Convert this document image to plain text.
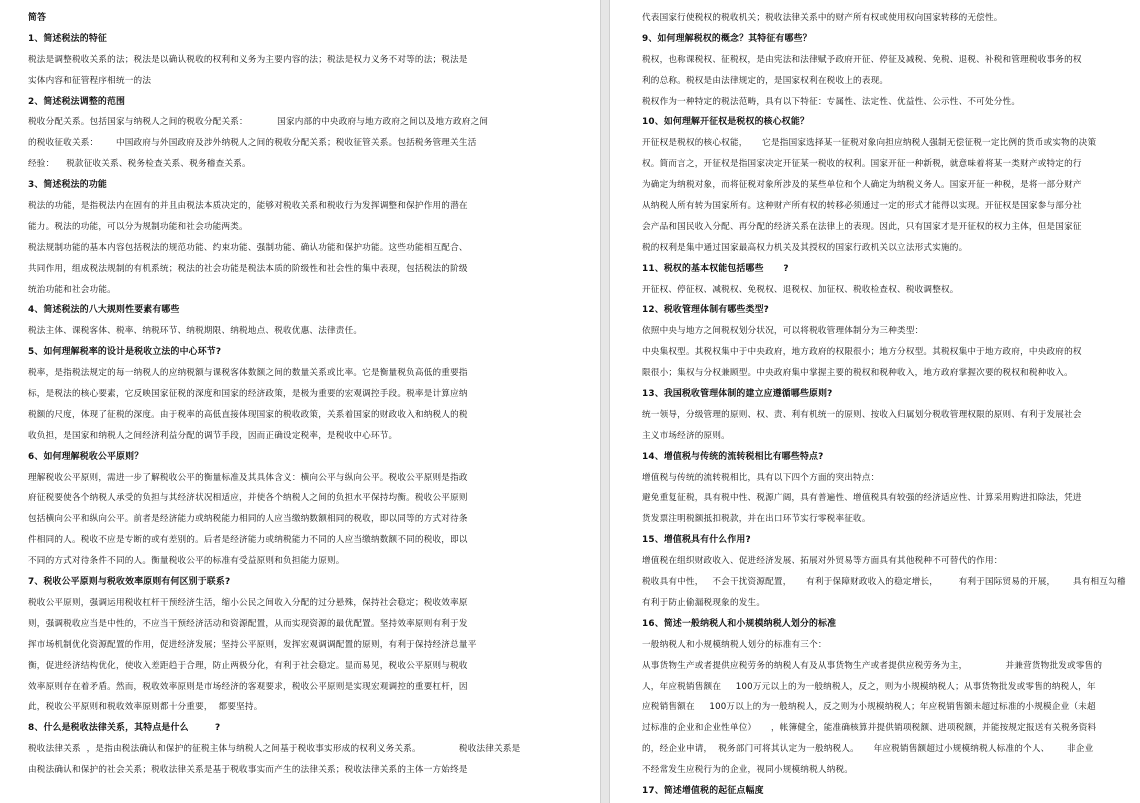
简答
1、简述税法的特征
税法是调整税收关系的法；税法是以确认税收的权利和义务为主要内容的法；税法是权力义务不对等的法；税法是
实体内容和征管程序相统一的法
2、简述税法调整的范围
税收分配关系。包括国家与纳税人之间的税收分配关系：          国家内部的中央政府与地方政府之间以及地方政府之间
的税收征收关系：      中国政府与外国政府及涉外纳税人之间的税收分配关系；税收征管关系。包括税务管理关生活
经验：    税款征收关系、税务检查关系、税务稽查关系。
3、简述税法的功能
税法的功能，是指税法内在固有的并且由税法本质决定的，能够对税收关系和税收行为发挥调整和保护作用的潜在
能力。税法的功能，可以分为规制功能和社会功能两类。
税法规制功能的基本内容包括税法的规范功能、约束功能、强制功能、确认功能和保护功能。这些功能相互配合、
共同作用，组成税法规制的有机系统；税法的社会功能是税法本质的阶级性和社会性的集中表现，包括税法的阶级
统治功能和社会功能。
4、简述税法的八大规则性要素有哪些
税法主体、课税客体、税率、纳税环节、纳税期限、纳税地点、税收优惠、法律责任。
5、如何理解税率的设计是税收立法的中心环节?
税率，是指税法规定的每一纳税人的应纳税额与课税客体数额之间的数量关系或比率。它是衡量税负高低的重要指
标，是税法的核心要素，它反映国家征税的深度和国家的经济政策，是极为重要的宏观调控手段。税率是计算应纳
税额的尺度，体现了征税的深度。由于税率的高低直接体现国家的税收政策，关系着国家的财政收入和纳税人的税
收负担，是国家和纳税人之间经济利益分配的调节手段，因而正确设定税率，是税收中心环节。
6、如何理解税收公平原则？
理解税收公平原则，需进一步了解税收公平的衡量标准及其具体含义：横向公平与纵向公平。税收公平原则是指政
府征税要使各个纳税人承受的负担与其经济状况相适应，并使各个纳税人之间的负担水平保持均衡。税收公平原则
包括横向公平和纵向公平。前者是经济能力或纳税能力相同的人应当缴纳数额相同的税收，即以同等的方式对待条
件相同的人。税收不应是专断的或有差别的。后者是经济能力或纳税能力不同的人应当缴纳数额不同的税收，即以
不同的方式对待条件不同的人。衡量税收公平的标准有受益原则和负担能力原则。
7、税收公平原则与税收效率原则有何区别于联系?
税收公平原则，强调运用税收杠杆干预经济生活，缩小公民之间收入分配的过分悬殊，保持社会稳定；税收效率原
则，强调税收应当是中性的，不应当干预经济活动和资源配置，从而实现资源的最优配置。坚持效率原则有利于发
挥市场机制优化资源配置的作用，促进经济发展；坚持公平原则，发挥宏观调调配置的原则，有利于保持经济总量平
衡，促进经济结构优化，使收入差距趋于合理，防止两极分化，有利于社会稳定。显而易见，税收公平原则与税收
效率原则存在着矛盾。然而，税收效率原则是市场经济的客观要求，税收公平原则是实现宏观调控的重要杠杆，因
此，税收公平原则和税收效率原则都十分重要，  都要坚持。
8、什么是税收法律关系，其特点是什么        ?
税收法律关系  ，是指由税法确认和保护的征税主体与纳税人之间基于税收事实形成的权利义务关系。             税收法律关系是
由税法确认和保护的社会关系；税收法律关系是基于税收事实而产生的法律关系；税收法律关系的主体一方始终是
代表国家行使税权的税收机关；税收法律关系中的财产所有权或使用权向国家转移的无偿性。
9、如何理解税权的概念？其特征有哪些？
税权，也称课税权、征税权，是由宪法和法律赋予政府开征、停征及减税、免税、退税、补税和管理税收事务的权
利的总称。税权是由法律规定的，是国家权利在税收上的表现。
税权作为一种特定的税法范畴，具有以下特征：专属性、法定性、优益性、公示性、不可处分性。
10、如何理解开征权是税权的核心权能？
开征权是税权的核心权能，     它是指国家选择某一征税对象向担应纳税人强制无偿征税一定比例的货币或实物的决策
权。简而言之，开征权是指国家决定开征某一税收的权利。国家开征一种新税，就意味着将某一类财产或特定的行
为确定为纳税对象，而将征税对象所涉及的某些单位和个人确定为纳税义务人。国家开征一种税，是将一部分财产
从纳税人所有转为国家所有。这种财产所有权的转移必须通过一定的形式才能得以实现。开征权是国家参与部分社
会产品和国民收入分配、再分配的经济关系在法律上的表现。因此，只有国家才是开征权的权力主体，但是国家征
税的权利是集中通过国家最高权力机关及其授权的国家行政机关以立法形式实施的。
11、税权的基本权能包括哪些      ?
开征权、停征权、减税权、免税权、退税权、加征权、税收检查权、税收调整权。
12、税收管理体制有哪些类型?
依照中央与地方之间税权划分状况，可以将税收管理体制分为三种类型：
中央集权型。其税权集中于中央政府，地方政府的权限很小；地方分权型。其税权集中于地方政府，中央政府的权
限很小；集权与分权兼顾型。中央政府集中掌握主要的税权和税种收入，地方政府掌握次要的税权和税种收入。
13、我国税收管理体制的建立应遵循哪些原则?
统一领导，分级管理的原则、权、责、利有机统一的原则、按收入归属划分税收管理权限的原则、有利于发展社会
主义市场经济的原则。
14、增值税与传统的流转税相比有哪些特点?
增值税与传统的流转税相比，具有以下四个方面的突出特点：
避免重复征税，具有税中性、税源广阔，具有普遍性、增值税具有较强的经济适应性、计算采用购进扣除法，凭进
货发票注明税额抵扣税款，并在出口环节实行零税率征收。
15、增值税具有什么作用?
增值税在组织财政收入、促进经济发展、拓展对外贸易等方面具有其他税种不可替代的作用：
税收具有中性，   不会干扰资源配置，     有利于保障财政收入的稳定增长，       有利于国际贸易的开展，      具有相互勾稽
有利于防止偷漏税现象的发生。
16、简述一般纳税人和小规模纳税人划分的标准
一般纳税人和小规模纳税人划分的标准有三个：
从事货物生产或者提供应税劳务的纳税人有及从事货物生产或者提供应税劳务为主，             并兼营货物批发或零售的
人，年应税销售额在     100万元以上的为一般纳税人，反之，则为小规模纳税人；从事货物批发或零售的纳税人，年
应税销售额在     100万以上的为一般纳税人，反之则为小规模纳税人；年应税销售额未超过标准的小规模企业（未超
过标准的企业和企业性单位）     ，帐簿健全，能准确核算并提供销项税额、进项税额，并能按规定报送有关税务资料
的，经企业申请，  税务部门可将其认定为一般纳税人。     年应税销售额超过小规模纳税人标准的个人、      非企业
不经常发生应税行为的企业，视同小规模纳税人纳税。
17、简述增值税的起征点幅度
